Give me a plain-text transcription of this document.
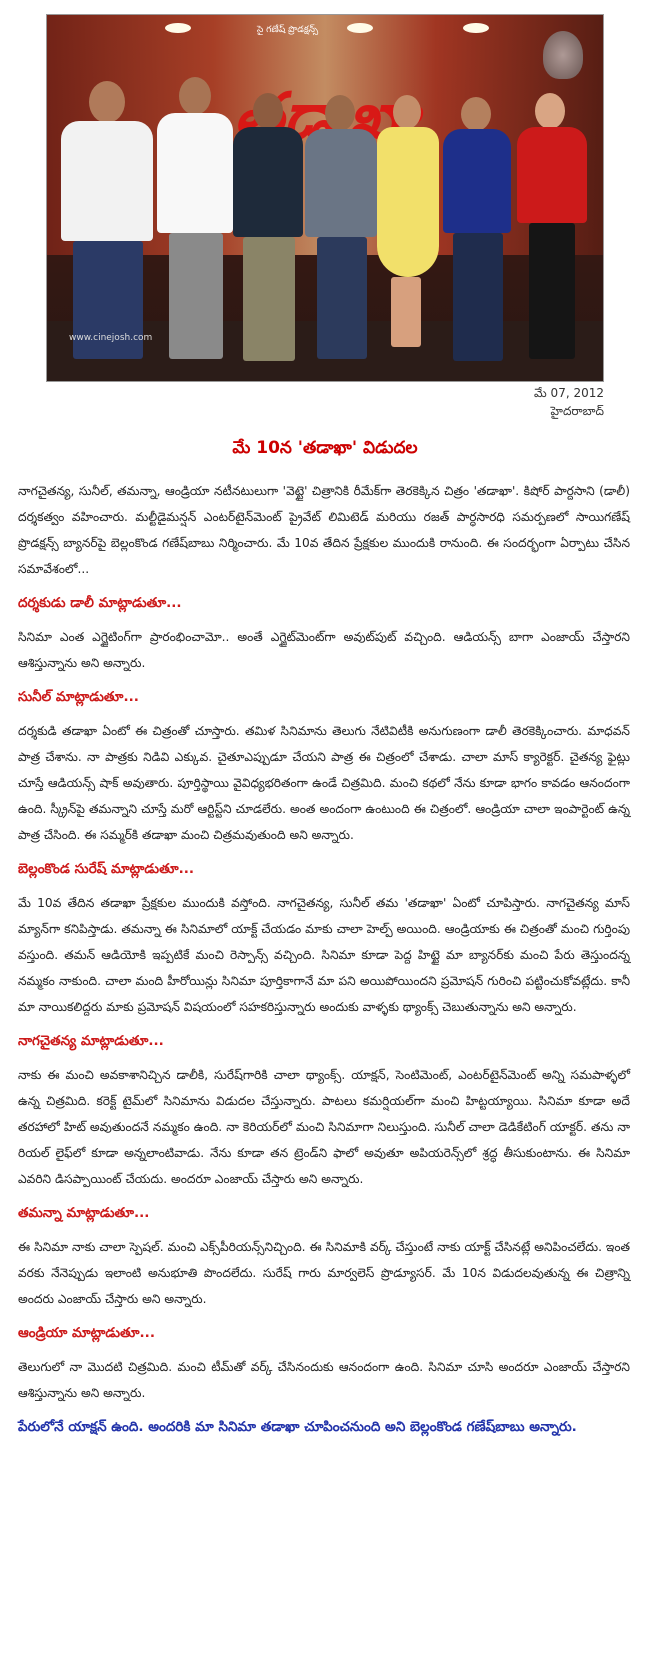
సై గణేష్ ప్రొడక్షన్స్
www.cinejosh.com
మే 07, 2012
హైదరాబాద్
మే 10న 'తడాఖా' విడుదల

నాగచైతన్య, సునీల్, తమన్నా, ఆండ్రియా నటీనటులుగా 'వెట్టై' చిత్రానికి రీమేక్‌గా తెరకెక్కిన చిత్రం 'తడాఖా'. కిషోర్ పార్దసాని (డాలీ) దర్శకత్వం వహించారు. మల్టీడైమన్షన్ ఎంటర్‌టైన్‌మెంట్ ప్రైవేట్ లిమిటెడ్ మరియు రజత్ పార్ధసారధి సమర్పణలో సాయిగణేష్ ప్రొడక్షన్స్ బ్యానర్‌పై బెల్లంకొండ గణేష్‌బాబు నిర్మించారు. మే 10వ తేదిన ప్రేక్షకుల ముందుకి రానుంది. ఈ సందర్భంగా ఏర్పాటు చేసిన సమావేశంలో...

దర్శకుడు డాలీ మాట్లాడుతూ...

సినిమా ఎంత ఎగ్జైటింగ్‌గా ప్రారంభించామో.. అంతే ఎగ్జైట్‌మెంట్‌గా అవుట్‌పుట్ వచ్చింది. ఆడియన్స్ బాగా ఎంజాయ్ చేస్తారని ఆశిస్తున్నాను అని అన్నారు.

సునీల్ మాట్లాడుతూ...

దర్శకుడి తడాఖా ఏంటో ఈ చిత్రంతో చూస్తారు. తమిళ సినిమాను తెలుగు నేటివిటీకి అనుగుణంగా డాలీ తెరకెక్కించారు. మాధవన్ పాత్ర చేశాను. నా పాత్రకు నిడివి ఎక్కువ. చైతూఎప్పుడూ చేయని పాత్ర ఈ చిత్రంలో చేశాడు. చాలా మాస్ క్యారెక్టర్. చైతన్య ఫైట్లు చూస్తే ఆడియన్స్ షాక్ అవుతారు. పూర్తిస్థాయి వైవిధ్యభరితంగా ఉండే చిత్రమిది. మంచి కథలో నేను కూడా భాగం కావడం ఆనందంగా ఉంది. స్క్రీన్‌పై తమన్నాని చూస్తే మరో ఆర్టిస్ట్‌ని చూడలేరు. అంత అందంగా ఉంటుంది ఈ చిత్రంలో. ఆండ్రియా చాలా ఇంపార్టెంట్ ఉన్న పాత్ర చేసింది. ఈ సమ్మర్‌కి తడాఖా మంచి చిత్రమవుతుంది అని అన్నారు.

బెల్లంకొండ సురేష్ మాట్లాడుతూ...

మే 10వ తేదిన తడాఖా ప్రేక్షకుల ముందుకి వస్తోంది. నాగచైతన్య, సునీల్ తమ 'తడాఖా' ఏంటో చూపిస్తారు. నాగచైతన్య మాస్ మ్యాన్‌గా కనిపిస్తాడు. తమన్నా ఈ సినిమాలో యాక్ట్ చేయడం మాకు చాలా హెల్ప్ అయింది. ఆండ్రియాకు ఈ చిత్రంతో మంచి గుర్తింపు వస్తుంది. తమన్ ఆడియోకి ఇప్పటికే మంచి రెస్పాన్స్ వచ్చింది. సినిమా కూడా పెద్ద హిట్టై మా బ్యానర్‌కు మంచి పేరు తెస్తుందన్న నమ్మకం నాకుంది. చాలా మంది హీరోయిన్లు సినిమా పూర్తికాగానే మా పని అయిపోయిందని ప్రమోషన్ గురించి పట్టించుకోవట్లేదు. కానీ మా నాయికలిద్దరు మాకు ప్రమోషన్ విషయంలో సహకరిస్తున్నారు అందుకు వాళ్ళకు థ్యాంక్స్ చెబుతున్నాను అని అన్నారు.

నాగచైతన్య మాట్లాడుతూ...

నాకు ఈ మంచి అవకాశానిచ్చిన డాలీకి, సురేష్‌గారికి చాలా థ్యాంక్స్. యాక్షన్, సెంటిమెంట్, ఎంటర్‌టైన్‌మెంట్ అన్ని సమపాళ్ళలో ఉన్న చిత్రమిది. కరెక్ట్ టైమ్‌లో సినిమాను విడుదల చేస్తున్నారు. పాటలు కమర్షియల్‌గా మంచి హిట్టయ్యాయి. సినిమా కూడా అదే తరహాలో హిట్ అవుతుందనే నమ్మకం ఉంది. నా కెరియర్‌లో మంచి సినిమాగా నిలుస్తుంది. సునీల్ చాలా డెడికేటింగ్ యాక్టర్. తను నా రియల్ లైఫ్‌లో కూడా అన్నలాంటివాడు. నేను కూడా తన ట్రెండ్‌ని ఫాలో అవుతూ అపియరెన్స్‌లో శ్రద్ధ తీసుకుంటాను. ఈ సినిమా ఎవరిని డిసప్పాయింట్ చేయదు. అందరూ ఎంజాయ్ చేస్తారు అని అన్నారు.

తమన్నా మాట్లాడుతూ...

ఈ సినిమా నాకు చాలా స్పెషల్. మంచి ఎక్స్‌పీరియన్స్‌నిచ్చింది. ఈ సినిమాకి వర్క్ చేస్తుంటే నాకు యాక్ట్ చేసినట్లే అనిపించలేదు. ఇంత వరకు నేనెప్పుడు ఇలాంటి అనుభూతి పొందలేదు. సురేష్ గారు మార్వలెస్ ప్రొడ్యూసర్. మే 10న విడుదలవుతున్న ఈ చిత్రాన్ని అందరు ఎంజాయ్ చేస్తారు అని అన్నారు.

ఆండ్రియా మాట్లాడుతూ...

తెలుగులో నా మొదటి చిత్రమిది. మంచి టీమ్‌తో వర్క్ చేసినందుకు ఆనందంగా ఉంది. సినిమా చూసి అందరూ ఎంజాయ్ చేస్తారని ఆశిస్తున్నాను అని అన్నారు.

పేరులోనే యాక్షన్ ఉంది. అందరికి మా సినిమా తడాఖా చూపించనుంది అని బెల్లంకొండ గణేష్‌బాబు అన్నారు.
